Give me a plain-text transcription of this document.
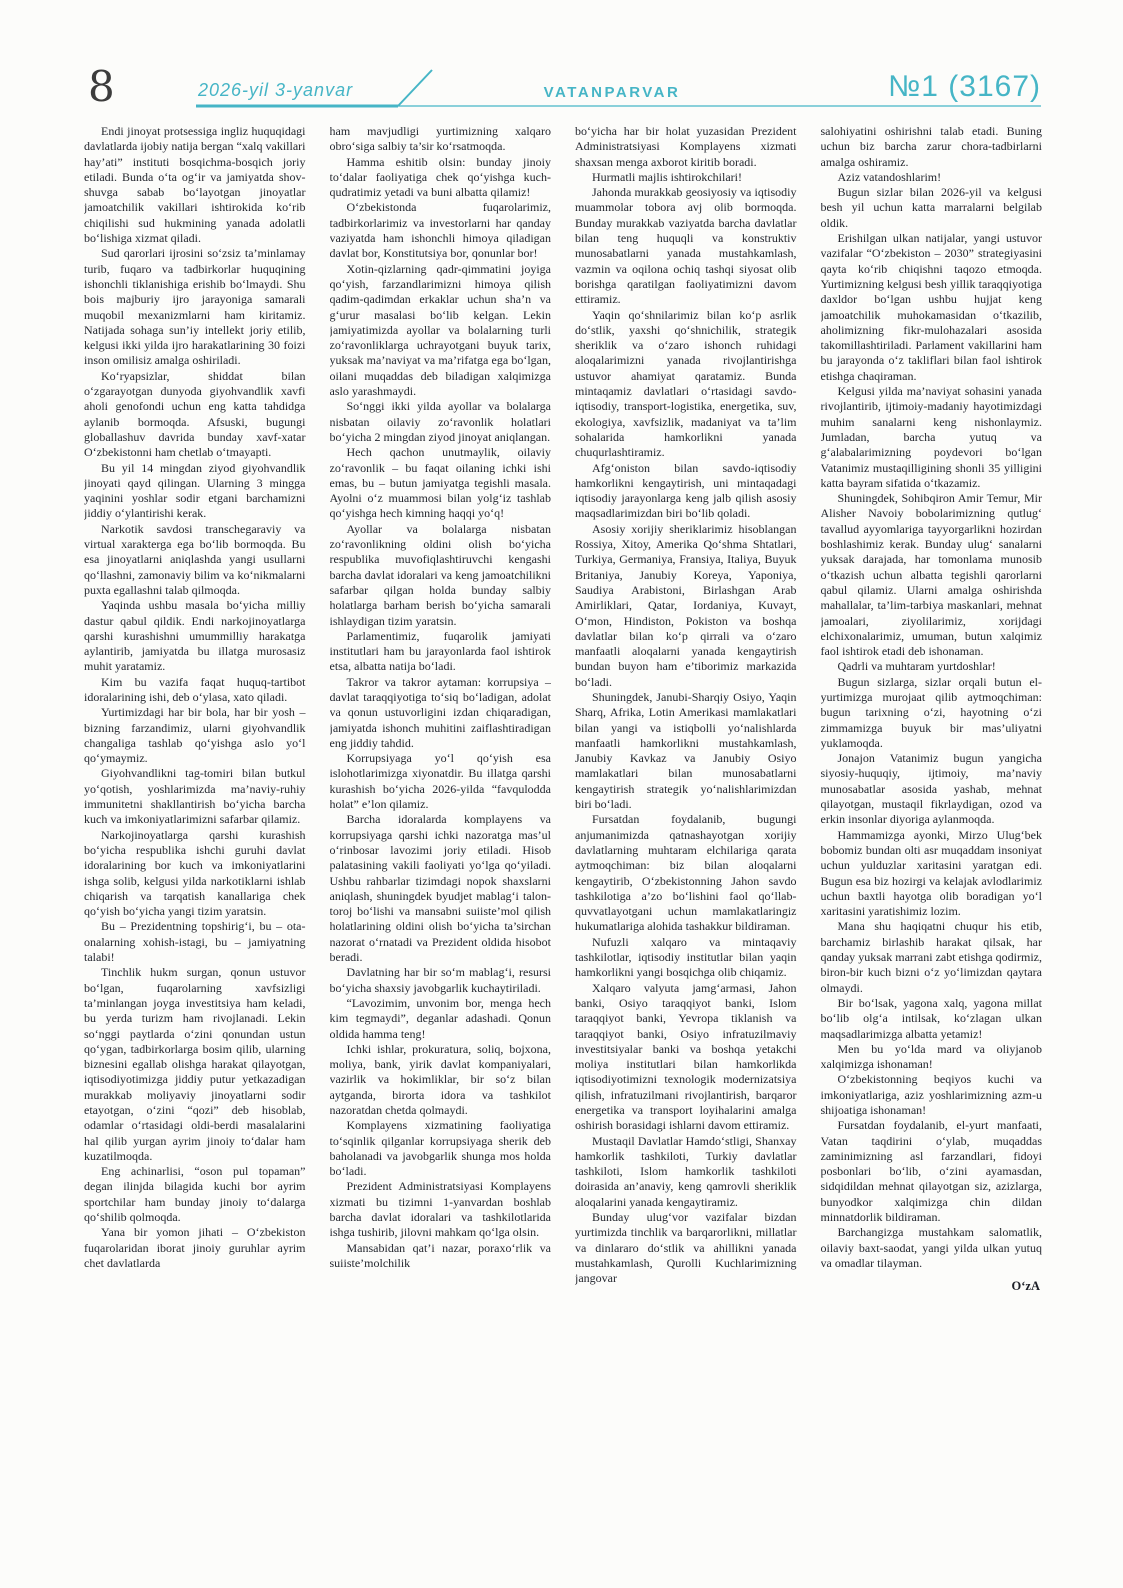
8	2026-yil 3-yanvar	VATANPARVAR	№1 (3167)

Endi jinoyat protsessiga ingliz huquqidagi davlatlarda ijobiy natija bergan “xalq vakillari hay’ati” instituti bosqichma-bosqich joriy etiladi. Bunda o‘ta og‘ir va jamiyatda shov-shuvga sabab bo‘layotgan jinoyatlar jamoatchilik vakillari ishtirokida ko‘rib chiqilishi sud hukmining yanada adolatli bo‘lishiga xizmat qiladi.

Sud qarorlari ijrosini so‘zsiz ta’minlamay turib, fuqaro va tadbirkorlar huquqining ishonchli tiklanishiga erishib bo‘lmaydi. Shu bois majburiy ijro jarayoniga samarali muqobil mexanizmlarni ham kiritamiz. Natijada sohaga sun’iy intellekt joriy etilib, kelgusi ikki yilda ijro harakatlarining 30 foizi inson omilisiz amalga oshiriladi.

Ko‘ryapsizlar, shiddat bilan o‘zgarayotgan dunyoda giyohvandlik xavfi aholi genofondi uchun eng katta tahdidga aylanib bormoqda. Afsuski, bugungi globallashuv davrida bunday xavf-xatar O‘zbekistonni ham chetlab o‘tmayapti.

Bu yil 14 mingdan ziyod giyohvandlik jinoyati qayd qilingan. Ularning 3 mingga yaqinini yoshlar sodir etgani barchamizni jiddiy o‘ylantirishi kerak.

Narkotik savdosi transchegaraviy va virtual xarakterga ega bo‘lib bormoqda. Bu esa jinoyatlarni aniqlashda yangi usullarni qo‘llashni, zamonaviy bilim va ko‘nikmalarni puxta egallashni talab qilmoqda.

Yaqinda ushbu masala bo‘yicha milliy dastur qabul qildik. Endi narkojinoyatlarga qarshi kurashishni umummilliy harakatga aylantirib, jamiyatda bu illatga murosasiz muhit yaratamiz.

Kim bu vazifa faqat huquq-tartibot idoralarining ishi, deb o‘ylasa, xato qiladi.

Yurtimizdagi har bir bola, har bir yosh – bizning farzandimiz, ularni giyohvandlik changaliga tashlab qo‘yishga aslo yo‘l qo‘ymaymiz.

Giyohvandlikni tag-tomiri bilan butkul yo‘qotish, yoshlarimizda ma’naviy-ruhiy immunitetni shakllantirish bo‘yicha barcha kuch va imkoniyatlarimizni safarbar qilamiz.

Narkojinoyatlarga qarshi kurashish bo‘yicha respublika ishchi guruhi davlat idoralarining bor kuch va imkoniyatlarini ishga solib, kelgusi yilda narkotiklarni ishlab chiqarish va tarqatish kanallariga chek qo‘yish bo‘yicha yangi tizim yaratsin.

Bu – Prezidentning topshirig‘i, bu – ota-onalarning xohish-istagi, bu – jamiyatning talabi!

Tinchlik hukm surgan, qonun ustuvor bo‘lgan, fuqarolarning xavfsizligi ta’minlangan joyga investitsiya ham keladi, bu yerda turizm ham rivojlanadi. Lekin so‘nggi paytlarda o‘zini qonundan ustun qo‘ygan, tadbirkorlarga bosim qilib, ularning biznesini egallab olishga harakat qilayotgan, iqtisodiyotimizga jiddiy putur yetkazadigan murakkab moliyaviy jinoyatlarni sodir etayotgan, o‘zini “qozi” deb hisoblab, odamlar o‘rtasidagi oldi-berdi masalalarini hal qilib yurgan ayrim jinoiy to‘dalar ham kuzatilmoqda.

Eng achinarlisi, “oson pul topaman” degan ilinjda bilagida kuchi bor ayrim sportchilar ham bunday jinoiy to‘dalarga qo‘shilib qolmoqda.

Yana bir yomon jihati – O‘zbekiston fuqarolaridan iborat jinoiy guruhlar ayrim chet davlatlarda

ham mavjudligi yurtimizning xalqaro obro‘siga salbiy ta’sir ko‘rsatmoqda.

Hamma eshitib olsin: bunday jinoiy to‘dalar faoliyatiga chek qo‘yishga kuch-qudratimiz yetadi va buni albatta qilamiz!

O‘zbekistonda fuqarolarimiz, tadbirkorlarimiz va investorlarni har qanday vaziyatda ham ishonchli himoya qiladigan davlat bor, Konstitutsiya bor, qonunlar bor!

Xotin-qizlarning qadr-qimmatini joyiga qo‘yish, farzandlarimizni himoya qilish qadim-qadimdan erkaklar uchun sha’n va g‘urur masalasi bo‘lib kelgan. Lekin jamiyatimizda ayollar va bolalarning turli zo‘ravonliklarga uchrayotgani buyuk tarix, yuksak ma’naviyat va ma’rifatga ega bo‘lgan, oilani muqaddas deb biladigan xalqimizga aslo yarashmaydi.

So‘nggi ikki yilda ayollar va bolalarga nisbatan oilaviy zo‘ravonlik holatlari bo‘yicha 2 mingdan ziyod jinoyat aniqlangan.

Hech qachon unutmaylik, oilaviy zo‘ravonlik – bu faqat oilaning ichki ishi emas, bu – butun jamiyatga tegishli masala. Ayolni o‘z muammosi bilan yolg‘iz tashlab qo‘yishga hech kimning haqqi yo‘q!

Ayollar va bolalarga nisbatan zo‘ravonlikning oldini olish bo‘yicha respublika muvofiqlashtiruvchi kengashi barcha davlat idoralari va keng jamoatchilikni safarbar qilgan holda bunday salbiy holatlarga barham berish bo‘yicha samarali ishlaydigan tizim yaratsin.

Parlamentimiz, fuqarolik jamiyati institutlari ham bu jarayonlarda faol ishtirok etsa, albatta natija bo‘ladi.

Takror va takror aytaman: korrupsiya – davlat taraqqiyotiga to‘siq bo‘ladigan, adolat va qonun ustuvorligini izdan chiqaradigan, jamiyatda ishonch muhitini zaiflashtiradigan eng jiddiy tahdid.

Korrupsiyaga yo‘l qo‘yish esa islohotlarimizga xiyonatdir. Bu illatga qarshi kurashish bo‘yicha 2026-yilda “favqulodda holat” e’lon qilamiz.

Barcha idoralarda komplayens va korrupsiyaga qarshi ichki nazoratga mas’ul o‘rinbosar lavozimi joriy etiladi. Hisob palatasining vakili faoliyati yo‘lga qo‘yiladi. Ushbu rahbarlar tizimdagi nopok shaxslarni aniqlash, shuningdek byudjet mablag‘i talon-toroj bo‘lishi va mansabni suiiste’mol qilish holatlarining oldini olish bo‘yicha ta’sirchan nazorat o‘rnatadi va Prezident oldida hisobot beradi.

Davlatning har bir so‘m mablag‘i, resursi bo‘yicha shaxsiy javobgarlik kuchaytiriladi.

“Lavozimim, unvonim bor, menga hech kim tegmaydi”, deganlar adashadi. Qonun oldida hamma teng!

Ichki ishlar, prokuratura, soliq, bojxona, moliya, bank, yirik davlat kompaniyalari, vazirlik va hokimliklar, bir so‘z bilan aytganda, birorta idora va tashkilot nazoratdan chetda qolmaydi.

Komplayens xizmatining faoliyatiga to‘sqinlik qilganlar korrupsiyaga sherik deb baholanadi va javobgarlik shunga mos holda bo‘ladi.

Prezident Administratsiyasi Komplayens xizmati bu tizimni 1-yanvardan boshlab barcha davlat idoralari va tashkilotlarida ishga tushirib, jilovni mahkam qo‘lga olsin.

Mansabidan qat’i nazar, poraxo‘rlik va suiiste’molchilik

bo‘yicha har bir holat yuzasidan Prezident Administratsiyasi Komplayens xizmati shaxsan menga axborot kiritib boradi.

Hurmatli majlis ishtirokchilari!

Jahonda murakkab geosiyosiy va iqtisodiy muammolar tobora avj olib bormoqda. Bunday murakkab vaziyatda barcha davlatlar bilan teng huquqli va konstruktiv munosabatlarni yanada mustahkamlash, vazmin va oqilona ochiq tashqi siyosat olib borishga qaratilgan faoliyatimizni davom ettiramiz.

Yaqin qo‘shnilarimiz bilan ko‘p asrlik do‘stlik, yaxshi qo‘shnichilik, strategik sheriklik va o‘zaro ishonch ruhidagi aloqalarimizni yanada rivojlantirishga ustuvor ahamiyat qaratamiz. Bunda mintaqamiz davlatlari o‘rtasidagi savdo-iqtisodiy, transport-logistika, energetika, suv, ekologiya, xavfsizlik, madaniyat va ta’lim sohalarida hamkorlikni yanada chuqurlashtiramiz.

Afg‘oniston bilan savdo-iqtisodiy hamkorlikni kengaytirish, uni mintaqadagi iqtisodiy jarayonlarga keng jalb qilish asosiy maqsadlarimizdan biri bo‘lib qoladi.

Asosiy xorijiy sheriklarimiz hisoblangan Rossiya, Xitoy, Amerika Qo‘shma Shtatlari, Turkiya, Germaniya, Fransiya, Italiya, Buyuk Britaniya, Janubiy Koreya, Yaponiya, Saudiya Arabistoni, Birlashgan Arab Amirliklari, Qatar, Iordaniya, Kuvayt, O‘mon, Hindiston, Pokiston va boshqa davlatlar bilan ko‘p qirrali va o‘zaro manfaatli aloqalarni yanada kengaytirish bundan buyon ham e’tiborimiz markazida bo‘ladi.

Shuningdek, Janubi-Sharqiy Osiyo, Yaqin Sharq, Afrika, Lotin Amerikasi mamlakatlari bilan yangi va istiqbolli yo‘nalishlarda manfaatli hamkorlikni mustahkamlash, Janubiy Kavkaz va Janubiy Osiyo mamlakatlari bilan munosabatlarni kengaytirish strategik yo‘nalishlarimizdan biri bo‘ladi.

Fursatdan foydalanib, bugungi anjumanimizda qatnashayotgan xorijiy davlatlarning muhtaram elchilariga qarata aytmoqchiman: biz bilan aloqalarni kengaytirib, O‘zbekistonning Jahon savdo tashkilotiga a’zo bo‘lishini faol qo‘llab-quvvatlayotgani uchun mamlakatlaringiz hukumatlariga alohida tashakkur bildiraman.

Nufuzli xalqaro va mintaqaviy tashkilotlar, iqtisodiy institutlar bilan yaqin hamkorlikni yangi bosqichga olib chiqamiz.

Xalqaro valyuta jamg‘armasi, Jahon banki, Osiyo taraqqiyot banki, Islom taraqqiyot banki, Yevropa tiklanish va taraqqiyot banki, Osiyo infratuzilmaviy investitsiyalar banki va boshqa yetakchi moliya institutlari bilan hamkorlikda iqtisodiyotimizni texnologik modernizatsiya qilish, infratuzilmani rivojlantirish, barqaror energetika va transport loyihalarini amalga oshirish borasidagi ishlarni davom ettiramiz.

Mustaqil Davlatlar Hamdo‘stligi, Shanxay hamkorlik tashkiloti, Turkiy davlatlar tashkiloti, Islom hamkorlik tashkiloti doirasida an’anaviy, keng qamrovli sheriklik aloqalarini yanada kengaytiramiz.

Bunday ulug‘vor vazifalar bizdan yurtimizda tinchlik va barqarorlikni, millatlar va dinlararo do‘stlik va ahillikni yanada mustahkamlash, Qurolli Kuchlarimizning jangovar

salohiyatini oshirishni talab etadi. Buning uchun biz barcha zarur chora-tadbirlarni amalga oshiramiz.

Aziz vatandoshlarim!

Bugun sizlar bilan 2026-yil va kelgusi besh yil uchun katta marralarni belgilab oldik.

Erishilgan ulkan natijalar, yangi ustuvor vazifalar “O‘zbekiston – 2030” strategiyasini qayta ko‘rib chiqishni taqozo etmoqda. Yurtimizning kelgusi besh yillik taraqqiyotiga daxldor bo‘lgan ushbu hujjat keng jamoatchilik muhokamasidan o‘tkazilib, aholimizning fikr-mulohazalari asosida takomillashtiriladi. Parlament vakillarini ham bu jarayonda o‘z takliflari bilan faol ishtirok etishga chaqiraman.

Kelgusi yilda ma’naviyat sohasini yanada rivojlantirib, ijtimoiy-madaniy hayotimizdagi muhim sanalarni keng nishonlaymiz. Jumladan, barcha yutuq va g‘alabalarimizning poydevori bo‘lgan Vatanimiz mustaqilligining shonli 35 yilligini katta bayram sifatida o‘tkazamiz.

Shuningdek, Sohibqiron Amir Temur, Mir Alisher Navoiy bobolarimizning qutlug‘ tavallud ayyomlariga tayyorgarlikni hozirdan boshlashimiz kerak. Bunday ulug‘ sanalarni yuksak darajada, har tomonlama munosib o‘tkazish uchun albatta tegishli qarorlarni qabul qilamiz. Ularni amalga oshirishda mahallalar, ta’lim-tarbiya maskanlari, mehnat jamoalari, ziyolilarimiz, xorijdagi elchixonalarimiz, umuman, butun xalqimiz faol ishtirok etadi deb ishonaman.

Qadrli va muhtaram yurtdoshlar!

Bugun sizlarga, sizlar orqali butun el-yurtimizga murojaat qilib aytmoqchiman: bugun tarixning o‘zi, hayotning o‘zi zimmamizga buyuk bir mas’uliyatni yuklamoqda.

Jonajon Vatanimiz bugun yangicha siyosiy-huquqiy, ijtimoiy, ma’naviy munosabatlar asosida yashab, mehnat qilayotgan, mustaqil fikrlaydigan, ozod va erkin insonlar diyoriga aylanmoqda.

Hammamizga ayonki, Mirzo Ulug‘bek bobomiz bundan olti asr muqaddam insoniyat uchun yulduzlar xaritasini yaratgan edi. Bugun esa biz hozirgi va kelajak avlodlarimiz uchun baxtli hayotga olib boradigan yo‘l xaritasini yaratishimiz lozim.

Mana shu haqiqatni chuqur his etib, barchamiz birlashib harakat qilsak, har qanday yuksak marrani zabt etishga qodirmiz, biron-bir kuch bizni o‘z yo‘limizdan qaytara olmaydi.

Bir bo‘lsak, yagona xalq, yagona millat bo‘lib olg‘a intilsak, ko‘zlagan ulkan maqsadlarimizga albatta yetamiz!

Men bu yo‘lda mard va oliyjanob xalqimizga ishonaman!

O‘zbekistonning beqiyos kuchi va imkoniyatlariga, aziz yoshlarimizning azm-u shijoatiga ishonaman!

Fursatdan foydalanib, el-yurt manfaati, Vatan taqdirini o‘ylab, muqaddas zaminimizning asl farzandlari, fidoyi posbonlari bo‘lib, o‘zini ayamasdan, sidqidildan mehnat qilayotgan siz, azizlarga, bunyodkor xalqimizga chin dildan minnatdorlik bildiraman.

Barchangizga mustahkam salomatlik, oilaviy baxt-saodat, yangi yilda ulkan yutuq va omadlar tilayman.

O‘zA
